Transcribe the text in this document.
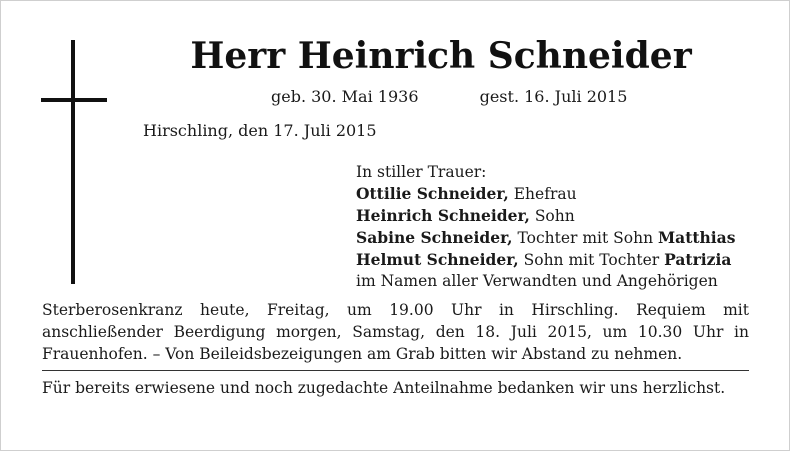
Herr Heinrich Schneider
geb. 30. Mai 1936	gest. 16. Juli 2015
Hirschling, den 17. Juli 2015
In stiller Trauer:
Ottilie Schneider, Ehefrau
Heinrich Schneider, Sohn
Sabine Schneider, Tochter mit Sohn Matthias
Helmut Schneider, Sohn mit Tochter Patrizia
im Namen aller Verwandten und Angehörigen
Sterberosenkranz heute, Freitag, um 19.00 Uhr in Hirschling. Requiem mit anschließender Beerdigung morgen, Samstag, den 18. Juli 2015, um 10.30 Uhr in Frauenhofen. – Von Beileidsbezeigungen am Grab bitten wir Abstand zu nehmen.
Für bereits erwiesene und noch zugedachte Anteilnahme bedanken wir uns herzlichst.
